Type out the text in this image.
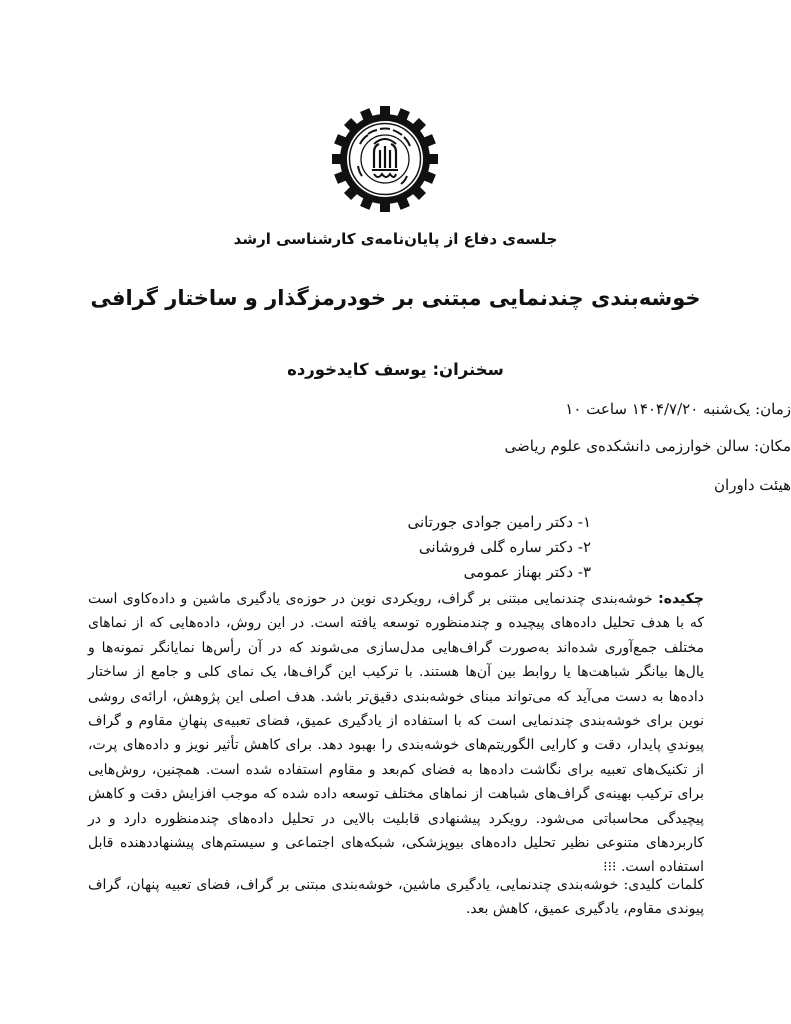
جلسه‌ی دفاع از پایان‌نامه‌ی کارشناسی ارشد
خوشه‌بندی چندنمایی مبتنی بر خودرمزگذار و ساختار گرافی
سخنران: یوسف کایدخورده
زمان: یک‌شنبه ۱۴۰۴/۷/۲۰ ساعت ۱۰
مکان: سالن خوارزمی دانشکده‌ی علوم ریاضی
هیئت داوران
۱- دکتر رامین جوادی جورتانی
۲- دکتر ساره گلی فروشانی
۳- دکتر بهناز عمومی
چکیده: خوشه‌بندی چندنمایی مبتنی بر گراف، رویکردی نوین در حوزه‌ی یادگیری ماشین و داده‌کاوی است که با هدف تحلیل داده‌های پیچیده و چندمنظوره توسعه یافته است. در این روش، داده‌هایی که از نماهای مختلف جمع‌آوری شده‌اند به‌صورت گراف‌هایی مدل‌سازی می‌شوند که در آن رأس‌ها نمایانگر نمونه‌ها و یال‌ها بیانگر شباهت‌ها یا روابط بین آن‌ها هستند. با ترکیب این گراف‌ها، یک نمای کلی و جامع از ساختار داده‌ها به دست می‌آید که می‌تواند مبنای خوشه‌بندی دقیق‌تر باشد. هدف اصلی این پژوهش، ارائه‌ی روشی نوین برای خوشه‌بندی چندنمایی است که با استفاده از یادگیری عمیق، فضای تعبیه‌ی پنهانِ مقاوم و گراف پیوندیِ پایدار، دقت و کارایی الگوریتم‌های خوشه‌بندی را بهبود دهد. برای کاهش تأثیر نویز و داده‌های پرت، از تکنیک‌های تعبیه برای نگاشت داده‌ها به فضای کم‌بعد و مقاوم استفاده شده است. همچنین، روش‌هایی برای ترکیب بهینه‌ی گراف‌های شباهت از نماهای مختلف توسعه داده شده که موجب افزایش دقت و کاهش پیچیدگی محاسباتی می‌شود. رویکرد پیشنهادی قابلیت بالایی در تحلیل داده‌های چندمنظوره دارد و در کاربردهای متنوعی نظیر تحلیل داده‌های بیوپزشکی، شبکه‌های اجتماعی و سیستم‌های پیشنهاددهنده قابل استفاده است. ⁝⁝⁝
کلمات کلیدی: خوشه‌بندی چندنمایی، یادگیری ماشین، خوشه‌بندی مبتنی بر گراف، فضای تعبیه پنهان، گراف پیوندی مقاوم، یادگیری عمیق، کاهش بعد.
